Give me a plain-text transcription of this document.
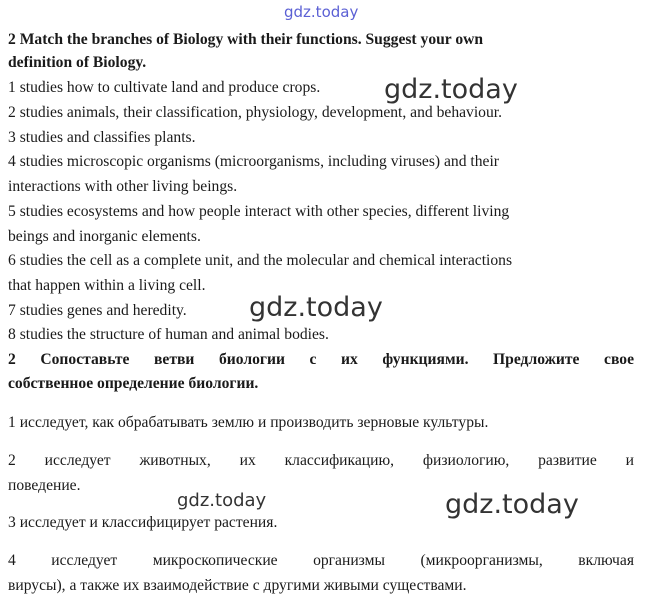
gdz.today

2 Match the branches of Biology with their functions. Suggest your own

definition of Biology.

1 studies how to cultivate land and produce crops.

2 studies animals, their classification, physiology, development, and behaviour.

3 studies and classifies plants.

4 studies microscopic organisms (microorganisms, including viruses) and their

interactions with other living beings.

5 studies ecosystems and how people interact with other species, different living

beings and inorganic elements.

6 studies the cell as a complete unit, and the molecular and chemical interactions

that happen within a living cell.

7 studies genes and heredity.

8 studies the structure of human and animal bodies.

2 Сопоставьте ветви биологии с их функциями. Предложите свое

собственное определение биологии.

1 исследует, как обрабатывать землю и производить зерновые культуры.

2 исследует животных, их классификацию, физиологию, развитие и

поведение.

3 исследует и классифицирует растения.

4 исследует микроскопические организмы (микроорганизмы, включая

вирусы), а также их взаимодействие с другими живыми существами.

gdz.today
gdz.today
gdz.today	gdz.today
